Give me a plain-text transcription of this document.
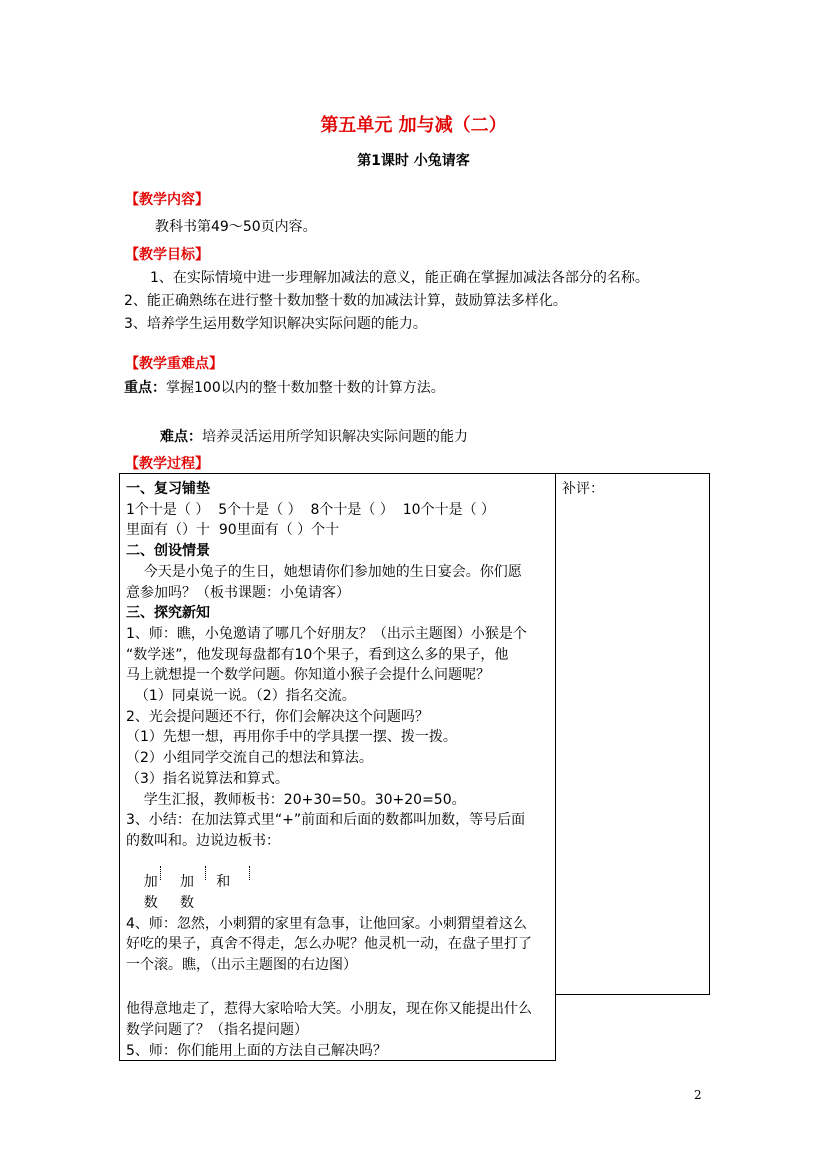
第五单元 加与减（二）
第1课时 小兔请客
【教学内容】
教科书第49～50页内容。
【教学目标】
1、在实际情境中进一步理解加减法的意义，能正确在掌握加减法各部分的名称。
2、能正确熟练在进行整十数加整十数的加减法计算，鼓励算法多样化。
3、培养学生运用数学知识解决实际问题的能力。
【教学重难点】
重点：掌握100以内的整十数加整十数的计算方法。
难点：培养灵活运用所学知识解决实际问题的能力
【教学过程】
补评：
一、复习铺垫
1个十是（ ）  5个十是（ ）  8个十是（ ）  10个十是（ ）
里面有（）十  90里面有（ ）个十
二、创设情景
今天是小兔子的生日，她想请你们参加她的生日宴会。你们愿
意参加吗？（板书课题：小兔请客）
三、探究新知
1、师：瞧，小兔邀请了哪几个好朋友？（出示主题图）小猴是个
“数学迷”，他发现每盘都有10个果子，看到这么多的果子，他
马上就想提一个数学问题。你知道小猴子会提什么问题呢？
（1）同桌说一说。（2）指名交流。
2、光会提问题还不行，你们会解决这个问题吗？
（1）先想一想，再用你手中的学具摆一摆、拨一拨。
（2）小组同学交流自己的想法和算法。
（3）指名说算法和算式。
学生汇报，教师板书：20+30=50。30+20=50。
3、小结：在加法算式里“+”前面和后面的数都叫加数，等号后面
的数叫和。边说边板书：
加     加     和
数     数
4、师：忽然，小刺猬的家里有急事，让他回家。小刺猬望着这么
好吃的果子，真舍不得走，怎么办呢？他灵机一动，在盘子里打了
一个滚。瞧，（出示主题图的右边图）
他得意地走了，惹得大家哈哈大笑。小朋友，现在你又能提出什么
数学问题了？（指名提问题）
5、师：你们能用上面的方法自己解决吗？
2
